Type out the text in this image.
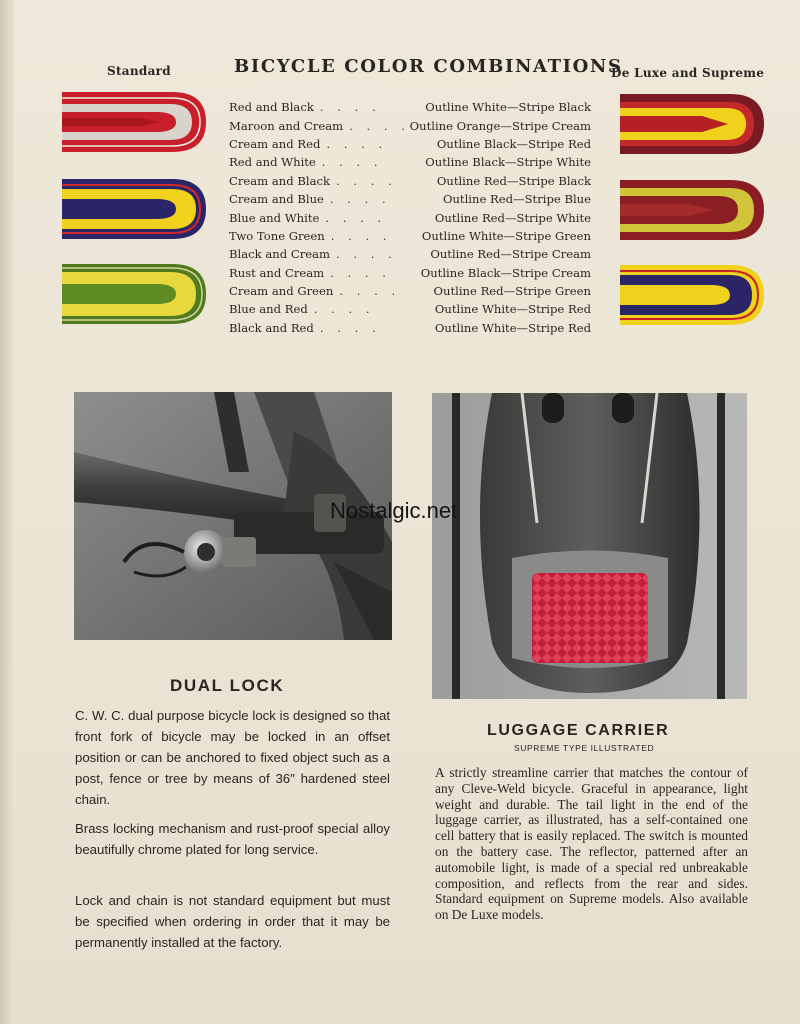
Standard	BICYCLE COLOR COMBINATIONS
De Luxe and Supreme
Red and Black . . . .	Outline White—Stripe Black
Maroon and Cream . . . . Outline Orange—Stripe Cream
Cream and Red . . . .	Outline Black—Stripe Red
Red and White . . . .	Outline Black—Stripe White
Cream and Black . . . .	Outline Red—Stripe Black
Cream and Blue . . . .	Outline Red—Stripe Blue
Blue and White . . . .	Outline Red—Stripe White
Two Tone Green . . . .	Outline White—Stripe Green
Black and Cream . . . .	Outline Red—Stripe Cream
Rust and Cream . . . .	Outline Black—Stripe Cream
Cream and Green . . . .	Outline Red—Stripe Green
Blue and Red . . . .	Outline White—Stripe Red
Black and Red . . . .	Outline White—Stripe Red
Nostalgic.net
DUAL LOCK
C. W. C. dual purpose bicycle lock is designed so that front fork of bicycle may be locked in an offset position or can be anchored to fixed object such as a post, fence or tree by means of 36″ hardened steel chain.
Brass locking mechanism and rust-proof special alloy beautifully chrome plated for long service.
Lock and chain is not standard equipment but must be specified when ordering in order that it may be permanently installed at the factory.
LUGGAGE CARRIER
SUPREME TYPE ILLUSTRATED
A strictly streamline carrier that matches the contour of any Cleve-Weld bicycle. Graceful in appearance, light weight and durable. The tail light in the end of the luggage carrier, as illustrated, has a self-contained one cell battery that is easily replaced. The switch is mounted on the battery case. The reflector, patterned after an automobile light, is made of a special red unbreakable composition, and reflects from the rear and sides. Standard equipment on Supreme models. Also available on De Luxe models.
